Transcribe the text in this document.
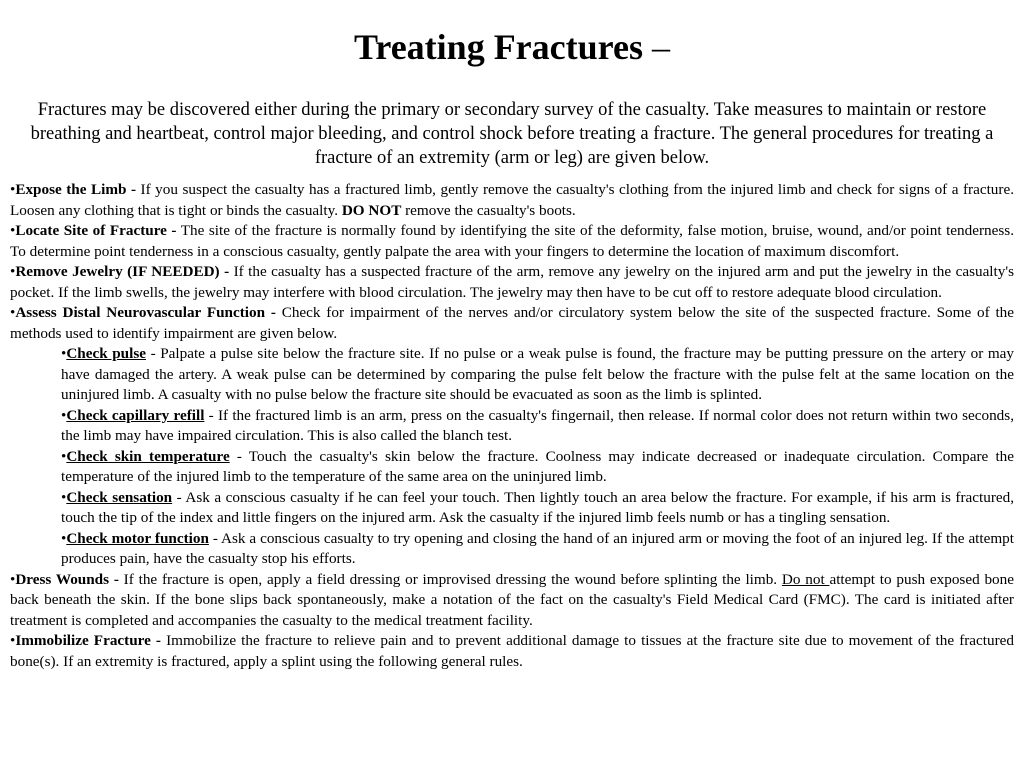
Treating Fractures –
Fractures may be discovered either during the primary or secondary survey of the casualty. Take measures to maintain or restore breathing and heartbeat, control major bleeding, and control shock before treating a fracture. The general procedures for treating a fracture of an extremity (arm or leg) are given below.

•Expose the Limb - If you suspect the casualty has a fractured limb, gently remove the casualty's clothing from the injured limb and check for signs of a fracture. Loosen any clothing that is tight or binds the casualty. DO NOT remove the casualty's boots.

•Locate Site of Fracture - The site of the fracture is normally found by identifying the site of the deformity, false motion, bruise, wound, and/or point tenderness. To determine point tenderness in a conscious casualty, gently palpate the area with your fingers to determine the location of maximum discomfort.

•Remove Jewelry (IF NEEDED) - If the casualty has a suspected fracture of the arm, remove any jewelry on the injured arm and put the jewelry in the casualty's pocket. If the limb swells, the jewelry may interfere with blood circulation. The jewelry may then have to be cut off to restore adequate blood circulation.

•Assess Distal Neurovascular Function - Check for impairment of the nerves and/or circulatory system below the site of the suspected fracture. Some of the methods used to identify impairment are given below.

•Check pulse - Palpate a pulse site below the fracture site. If no pulse or a weak pulse is found, the fracture may be putting pressure on the artery or may have damaged the artery. A weak pulse can be determined by comparing the pulse felt below the fracture with the pulse felt at the same location on the uninjured limb. A casualty with no pulse below the fracture site should be evacuated as soon as the limb is splinted.

•Check capillary refill - If the fractured limb is an arm, press on the casualty's fingernail, then release. If normal color does not return within two seconds, the limb may have impaired circulation. This is also called the blanch test.

•Check skin temperature - Touch the casualty's skin below the fracture. Coolness may indicate decreased or inadequate circulation. Compare the temperature of the injured limb to the temperature of the same area on the uninjured limb.

•Check sensation - Ask a conscious casualty if he can feel your touch. Then lightly touch an area below the fracture. For example, if his arm is fractured, touch the tip of the index and little fingers on the injured arm. Ask the casualty if the injured limb feels numb or has a tingling sensation.

•Check motor function - Ask a conscious casualty to try opening and closing the hand of an injured arm or moving the foot of an injured leg. If the attempt produces pain, have the casualty stop his efforts.

•Dress Wounds - If the fracture is open, apply a field dressing or improvised dressing the wound before splinting the limb. Do not attempt to push exposed bone back beneath the skin. If the bone slips back spontaneously, make a notation of the fact on the casualty's Field Medical Card (FMC). The card is initiated after treatment is completed and accompanies the casualty to the medical treatment facility.

•Immobilize Fracture - Immobilize the fracture to relieve pain and to prevent additional damage to tissues at the fracture site due to movement of the fractured bone(s). If an extremity is fractured, apply a splint using the following general rules.
